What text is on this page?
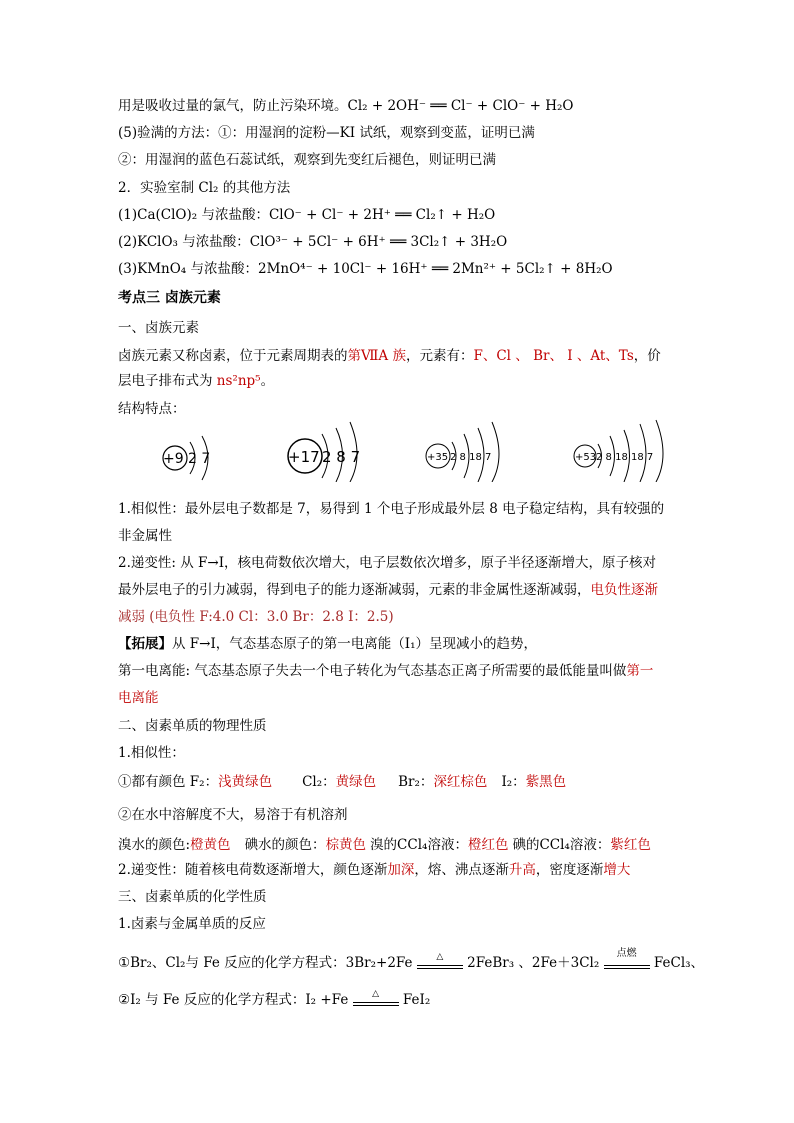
用是吸收过量的氯气，防止污染环境。Cl₂ + 2OH⁻ ══ Cl⁻ + ClO⁻ + H₂O
(5)验满的方法：①：用湿润的淀粉—KI 试纸，观察到变蓝，证明已满
②：用湿润的蓝色石蕊试纸，观察到先变红后褪色，则证明已满
2．实验室制 Cl₂ 的其他方法
(1)Ca(ClO)₂ 与浓盐酸：ClO⁻ + Cl⁻ + 2H⁺ ══ Cl₂↑ + H₂O
(2)KClO₃ 与浓盐酸：ClO³⁻ + 5Cl⁻ + 6H⁺ ══ 3Cl₂↑ + 3H₂O
(3)KMnO₄ 与浓盐酸：2MnO⁴⁻ + 10Cl⁻ + 16H⁺ ══ 2Mn²⁺ + 5Cl₂↑ + 8H₂O
考点三 卤族元素
一、卤族元素
卤族元素又称卤素，位于元素周期表的第ⅦA 族，元素有：F、Cl 、 Br、 I 、At、Ts，价
层电子排布式为 ns²np⁵。
结构特点：
+9 2 7	+17 2 8 7	+35 2 8 18 7	+53 2 8 18 18 7
1.相似性：最外层电子数都是 7，易得到 1 个电子形成最外层 8 电子稳定结构，具有较强的
非金属性
2.递变性: 从 F→I，核电荷数依次增大，电子层数依次增多，原子半径逐渐增大，原子核对
最外层电子的引力减弱，得到电子的能力逐渐减弱，元素的非金属性逐渐减弱，电负性逐渐
减弱 (电负性 F:4.0 Cl：3.0 Br：2.8 I：2.5)
【拓展】从 F→I，气态基态原子的第一电离能（I₁）呈现减小的趋势，
第一电离能: 气态基态原子失去一个电子转化为气态基态正离子所需要的最低能量叫做第一
电离能
二、卤素单质的物理性质
1.相似性：
①都有颜色 F₂：浅黄绿色 Cl₂：黄绿色 Br₂：深红棕色 I₂：紫黑色
②在水中溶解度不大，易溶于有机溶剂
溴水的颜色:橙黄色 碘水的颜色：棕黄色 溴的CCl₄溶液：橙红色 碘的CCl₄溶液：紫红色
2.递变性：随着核电荷数逐渐增大，颜色逐渐加深，熔、沸点逐渐升高，密度逐渐增大
三、卤素单质的化学性质
1.卤素与金属单质的反应
①Br₂、Cl₂与 Fe 反应的化学方程式：3Br₂+2Fe	△	2FeBr₃ 、2Fe＋3Cl₂
点燃
FeCl₃、
②I₂ 与 Fe 反应的化学方程式：I₂ +Fe	△	FeI₂
